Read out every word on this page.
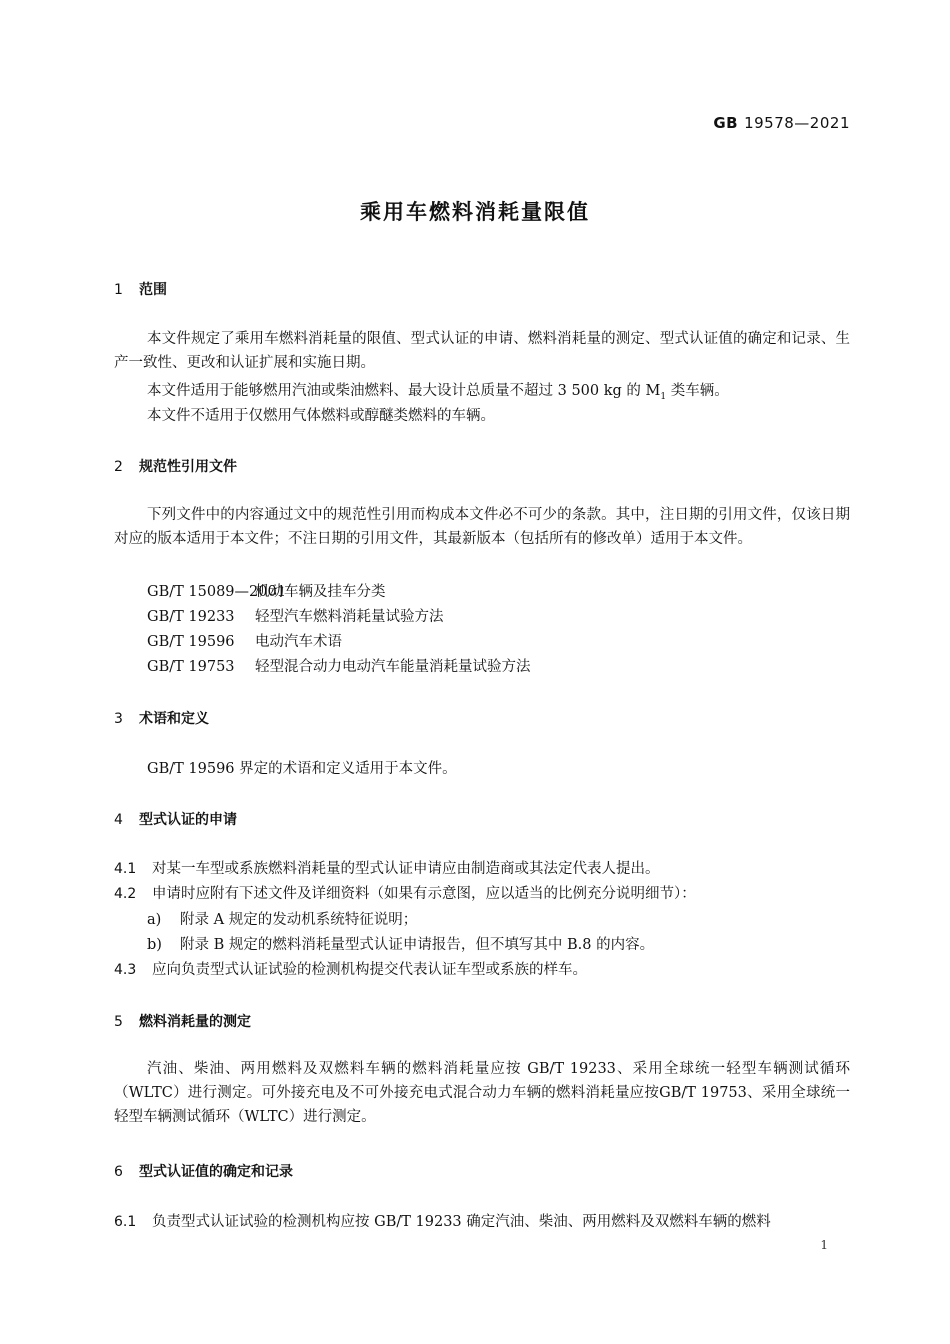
GB 19578—2021
乘用车燃料消耗量限值
1 范围
本文件规定了乘用车燃料消耗量的限值、型式认证的申请、燃料消耗量的测定、型式认证值的确定和记录、生产一致性、更改和认证扩展和实施日期。
本文件适用于能够燃用汽油或柴油燃料、最大设计总质量不超过 3 500 kg 的 $M_1$ 类车辆。
本文件不适用于仅燃用气体燃料或醇醚类燃料的车辆。
2 规范性引用文件
下列文件中的内容通过文中的规范性引用而构成本文件必不可少的条款。其中，注日期的引用文件，仅该日期对应的版本适用于本文件；不注日期的引用文件，其最新版本（包括所有的修改单）适用于本文件。
GB/T 15089—2001机动车辆及挂车分类
GB/T 19233 轻型汽车燃料消耗量试验方法
GB/T 19596 电动汽车术语
GB/T 19753 轻型混合动力电动汽车能量消耗量试验方法
3 术语和定义
GB/T 19596 界定的术语和定义适用于本文件。
4 型式认证的申请
4.1 对某一车型或系族燃料消耗量的型式认证申请应由制造商或其法定代表人提出。
4.2 申请时应附有下述文件及详细资料（如果有示意图，应以适当的比例充分说明细节）：
a) 附录 A 规定的发动机系统特征说明；
b) 附录 B 规定的燃料消耗量型式认证申请报告，但不填写其中 B.8 的内容。
4.3 应向负责型式认证试验的检测机构提交代表认证车型或系族的样车。
5 燃料消耗量的测定
汽油、柴油、两用燃料及双燃料车辆的燃料消耗量应按 GB/T 19233、采用全球统一轻型车辆测试循环（WLTC）进行测定。可外接充电及不可外接充电式混合动力车辆的燃料消耗量应按GB/T 19753、采用全球统一轻型车辆测试循环（WLTC）进行测定。
6 型式认证值的确定和记录
6.1 负责型式认证试验的检测机构应按 GB/T 19233 确定汽油、柴油、两用燃料及双燃料车辆的燃料
1
